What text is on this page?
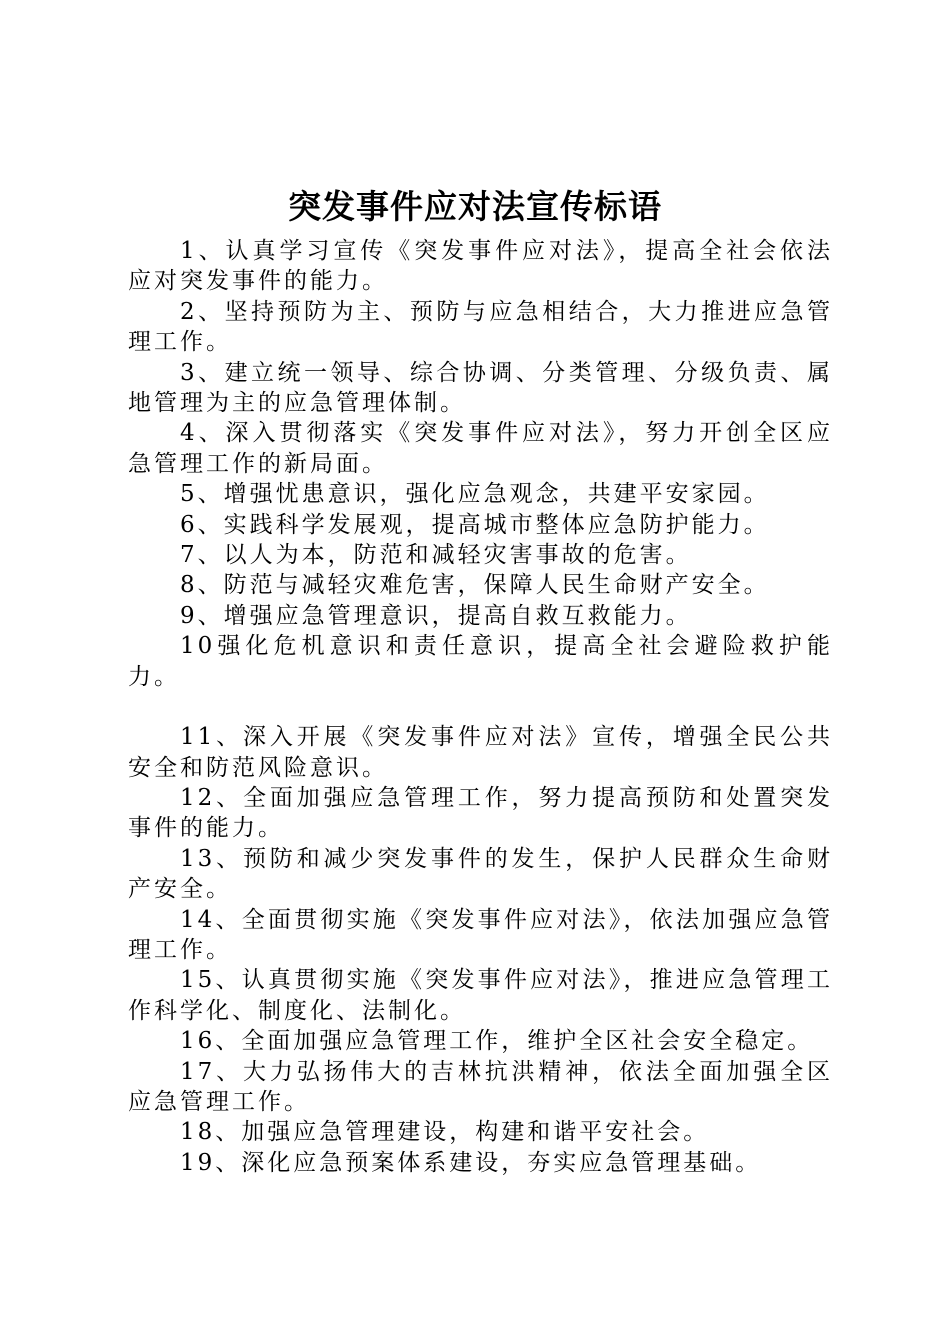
突发事件应对法宣传标语

1、认真学习宣传《突发事件应对法》，提高全社会依法应对突发事件的能力。

2、坚持预防为主、预防与应急相结合，大力推进应急管理工作。

3、建立统一领导、综合协调、分类管理、分级负责、属地管理为主的应急管理体制。

4、深入贯彻落实《突发事件应对法》，努力开创全区应急管理工作的新局面。

5、增强忧患意识，强化应急观念，共建平安家园。

6、实践科学发展观，提高城市整体应急防护能力。

7、以人为本，防范和减轻灾害事故的危害。

8、防范与减轻灾难危害，保障人民生命财产安全。

9、增强应急管理意识，提高自救互救能力。

10强化危机意识和责任意识，提高全社会避险救护能力。

11、深入开展《突发事件应对法》宣传，增强全民公共安全和防范风险意识。

12、全面加强应急管理工作，努力提高预防和处置突发事件的能力。

13、预防和减少突发事件的发生，保护人民群众生命财产安全。

14、全面贯彻实施《突发事件应对法》，依法加强应急管理工作。

15、认真贯彻实施《突发事件应对法》，推进应急管理工作科学化、制度化、法制化。

16、全面加强应急管理工作，维护全区社会安全稳定。

17、大力弘扬伟大的吉林抗洪精神，依法全面加强全区应急管理工作。

18、加强应急管理建设，构建和谐平安社会。

19、深化应急预案体系建设，夯实应急管理基础。
